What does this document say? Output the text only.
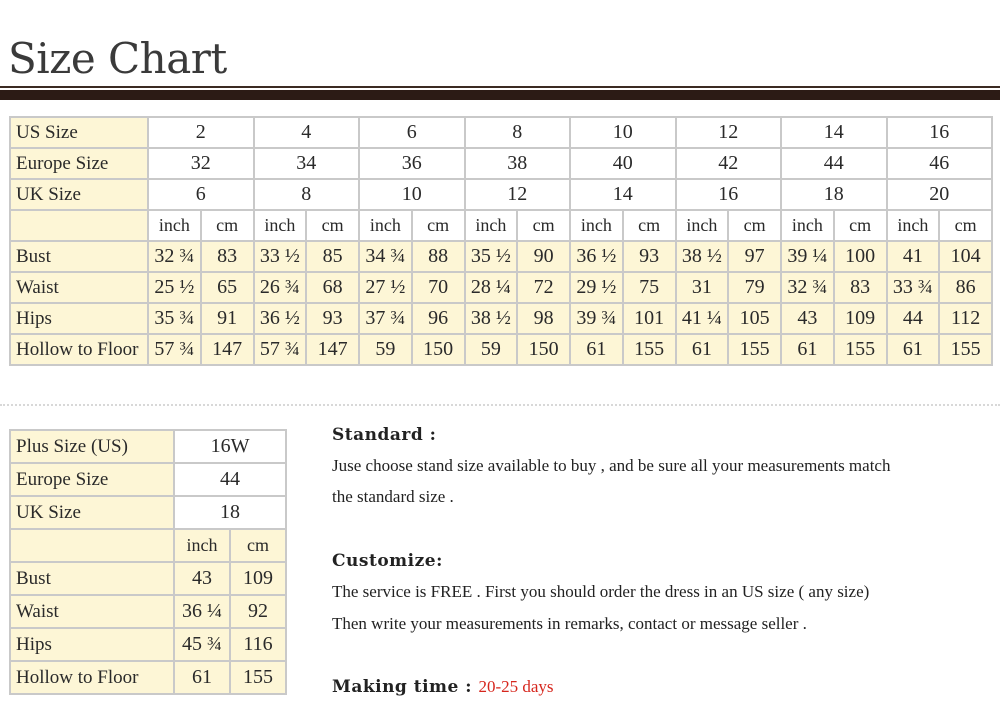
Size Chart
US Size	2		4		6		8		10		12		14		16	
Europe Size	32		34		36		38		40		42		44		46	
UK Size	6		8		10		12		14		16		18		20	
	inch	cm	inch	cm	inch	cm	inch	cm	inch	cm	inch	cm	inch	cm	inch	cm
Bust	32 ¾	83	33 ½	85	34 ¾	88	35 ½	90	36 ½	93	38 ½	97	39 ¼	100	41	104
Waist	25 ½	65	26 ¾	68	27 ½	70	28 ¼	72	29 ½	75	31	79	32 ¾	83	33 ¾	86
Hips	35 ¾	91	36 ½	93	37 ¾	96	38 ½	98	39 ¾	101	41 ¼	105	43	109	44	112
Hollow to Floor	57 ¾	147	57 ¾	147	59	150	59	150	61	155	61	155	61	155	61	155
Plus Size (US)	16W	
Europe Size	44	
UK Size	18	
	inch	cm
Bust	43	109
Waist	36 ¼	92
Hips	45 ¾	116
Hollow to Floor	61	155
Standard :
Juse choose stand size available to buy , and be sure all your measurements match
the standard size .
Customize:
The service is FREE . First you should order the dress in an US size ( any size)
Then write your measurements in remarks, contact or message seller .
Making time : 20-25 days
